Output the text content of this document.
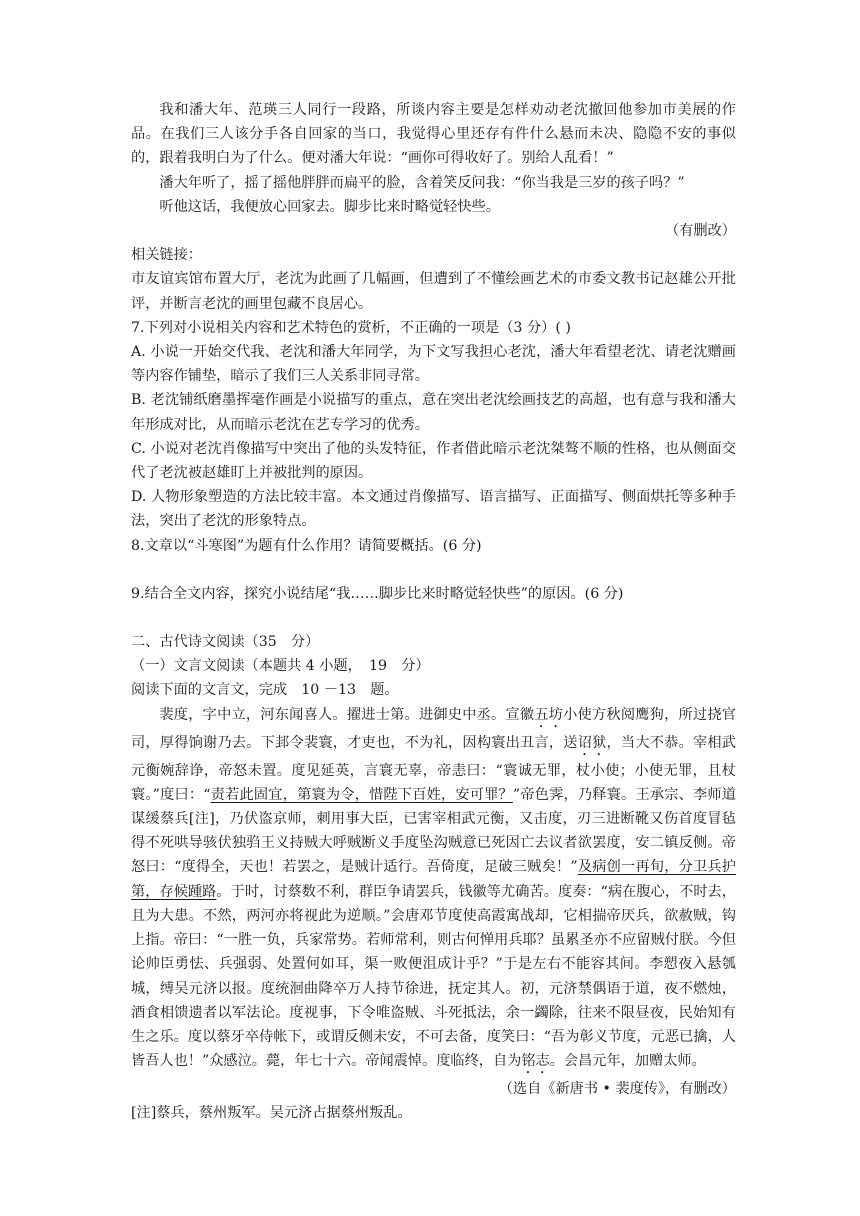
我和潘大年、范瑛三人同行一段路，所谈内容主要是怎样劝动老沈撤回他参加市美展的作品。在我们三人该分手各自回家的当口，我觉得心里还存有件什么悬而未决、隐隐不安的事似的，跟着我明白为了什么。便对潘大年说：“画你可得收好了。别给人乱看！”

潘大年听了，摇了摇他胖胖而扁平的脸，含着笑反问我：“你当我是三岁的孩子吗？”

听他这话，我便放心回家去。脚步比来时略觉轻快些。

（有删改）

相关链接：

市友谊宾馆布置大厅，老沈为此画了几幅画，但遭到了不懂绘画艺术的市委文教书记赵雄公开批评，并断言老沈的画里包藏不良居心。

7.下列对小说相关内容和艺术特色的赏析，不正确的一项是（3 分）( )

A. 小说一开始交代我、老沈和潘大年同学，为下文写我担心老沈，潘大年看望老沈、请老沈赠画等内容作铺垫，暗示了我们三人关系非同寻常。

B. 老沈铺纸磨墨挥毫作画是小说描写的重点，意在突出老沈绘画技艺的高超，也有意与我和潘大年形成对比，从而暗示老沈在艺专学习的优秀。

C. 小说对老沈肖像描写中突出了他的头发特征，作者借此暗示老沈桀骜不顺的性格，也从侧面交代了老沈被赵雄盯上并被批判的原因。

D. 人物形象塑造的方法比较丰富。本文通过肖像描写、语言描写、正面描写、侧面烘托等多种手法，突出了老沈的形象特点。

8.文章以“斗寒图”为题有什么作用？请简要概括。(6 分)

9.结合全文内容，探究小说结尾“我……脚步比来时略觉轻快些”的原因。(6 分)

二、古代诗文阅读（35　分）

（一）文言文阅读（本题共 4 小题，　19　分）

阅读下面的文言文，完成　10 －13　题。

裴度，字中立，河东闻喜人。擢进士第。进御史中丞。宣徽五坊小使方秋阅鹰狗，所过挠官司，厚得饷谢乃去。下邽令裴寰，才吏也，不为礼，因构寰出丑言，送诏狱，当大不恭。宰相武元衡婉辞诤，帝怒未置。度见延英，言寰无辜，帝恚曰：“寰诚无罪，杖小使；小使无罪，且杖寰。”度曰：“责若此固宜，第寰为令，惜陛下百姓，安可罪？”帝色霁，乃释寰。王承宗、李师道谋缓蔡兵[注]，乃伏盗京师，刺用事大臣，已害宰相武元衡，又击度，刃三进断靴又伤首度冒毡得不死哄导骇伏独驺王义持贼大呼贼断义手度坠沟贼意已死因亡去议者欲罢度，安二镇反侧。帝怒曰：“度得全，天也！若罢之，是贼计适行。吾倚度，足破三贼矣！”及病创一再旬，分卫兵护第，存候踵路。于时，讨蔡数不利，群臣争请罢兵，钱徽等尤确苦。度奏：“病在腹心，不时去，且为大患。不然，两河亦将视此为逆顺。”会唐邓节度使高霞寓战却，它相揣帝厌兵，欲赦贼，钩上指。帝曰：“一胜一负，兵家常势。若师常利，则古何惮用兵耶？虽累圣亦不应留贼付朕。今但论帅臣勇怯、兵强弱、处置何如耳，渠一败便沮成计乎？”于是左右不能容其间。李愬夜入悬瓠城，缚吴元济以报。度统洄曲降卒万人持节徐进，抚定其人。初，元济禁偶语于道，夜不燃烛，酒食相馈遗者以军法论。度视事，下令唯盗贼、斗死抵法，余一蠲除，往来不限昼夜，民始知有生之乐。度以蔡牙卒侍帐下，或谓反侧未安，不可去备，度笑曰：“吾为彰义节度，元恶已擒，人皆吾人也！”众感泣。薨，年七十六。帝闻震悼。度临终，自为铭志。会昌元年，加赠太师。

（选自《新唐书 • 裴度传》，有删改）

[注]蔡兵，蔡州叛军。吴元济占据蔡州叛乱。
